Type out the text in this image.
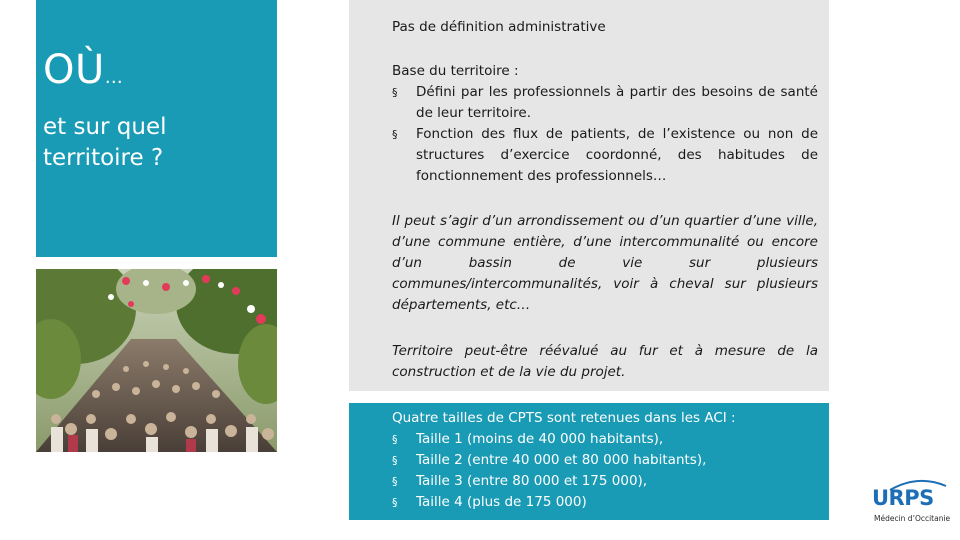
OÙ…
et sur quel territoire ?
Pas de définition administrative
Base du territoire :
§ Défini par les professionnels à partir des besoins de santé de leur territoire.
§ Fonction des flux de patients, de l’existence ou non de structures d’exercice coordonné, des habitudes de fonctionnement des professionnels…
Il peut s’agir d’un arrondissement ou d’un quartier d’une ville, d’une commune entière, d’une intercommunalité ou encore d’un bassin de vie sur plusieurs communes/intercommunalités, voir à cheval sur plusieurs départements, etc…
Territoire peut-être réévalué au fur et à mesure de la construction et de la vie du projet.
Quatre tailles de CPTS sont retenues dans les ACI :
§ Taille 1 (moins de 40 000 habitants),
§ Taille 2 (entre 40 000 et 80 000 habitants),
§ Taille 3 (entre 80 000 et 175 000),
§ Taille 4 (plus de 175 000)	URPS
Médecin d’Occitanie
